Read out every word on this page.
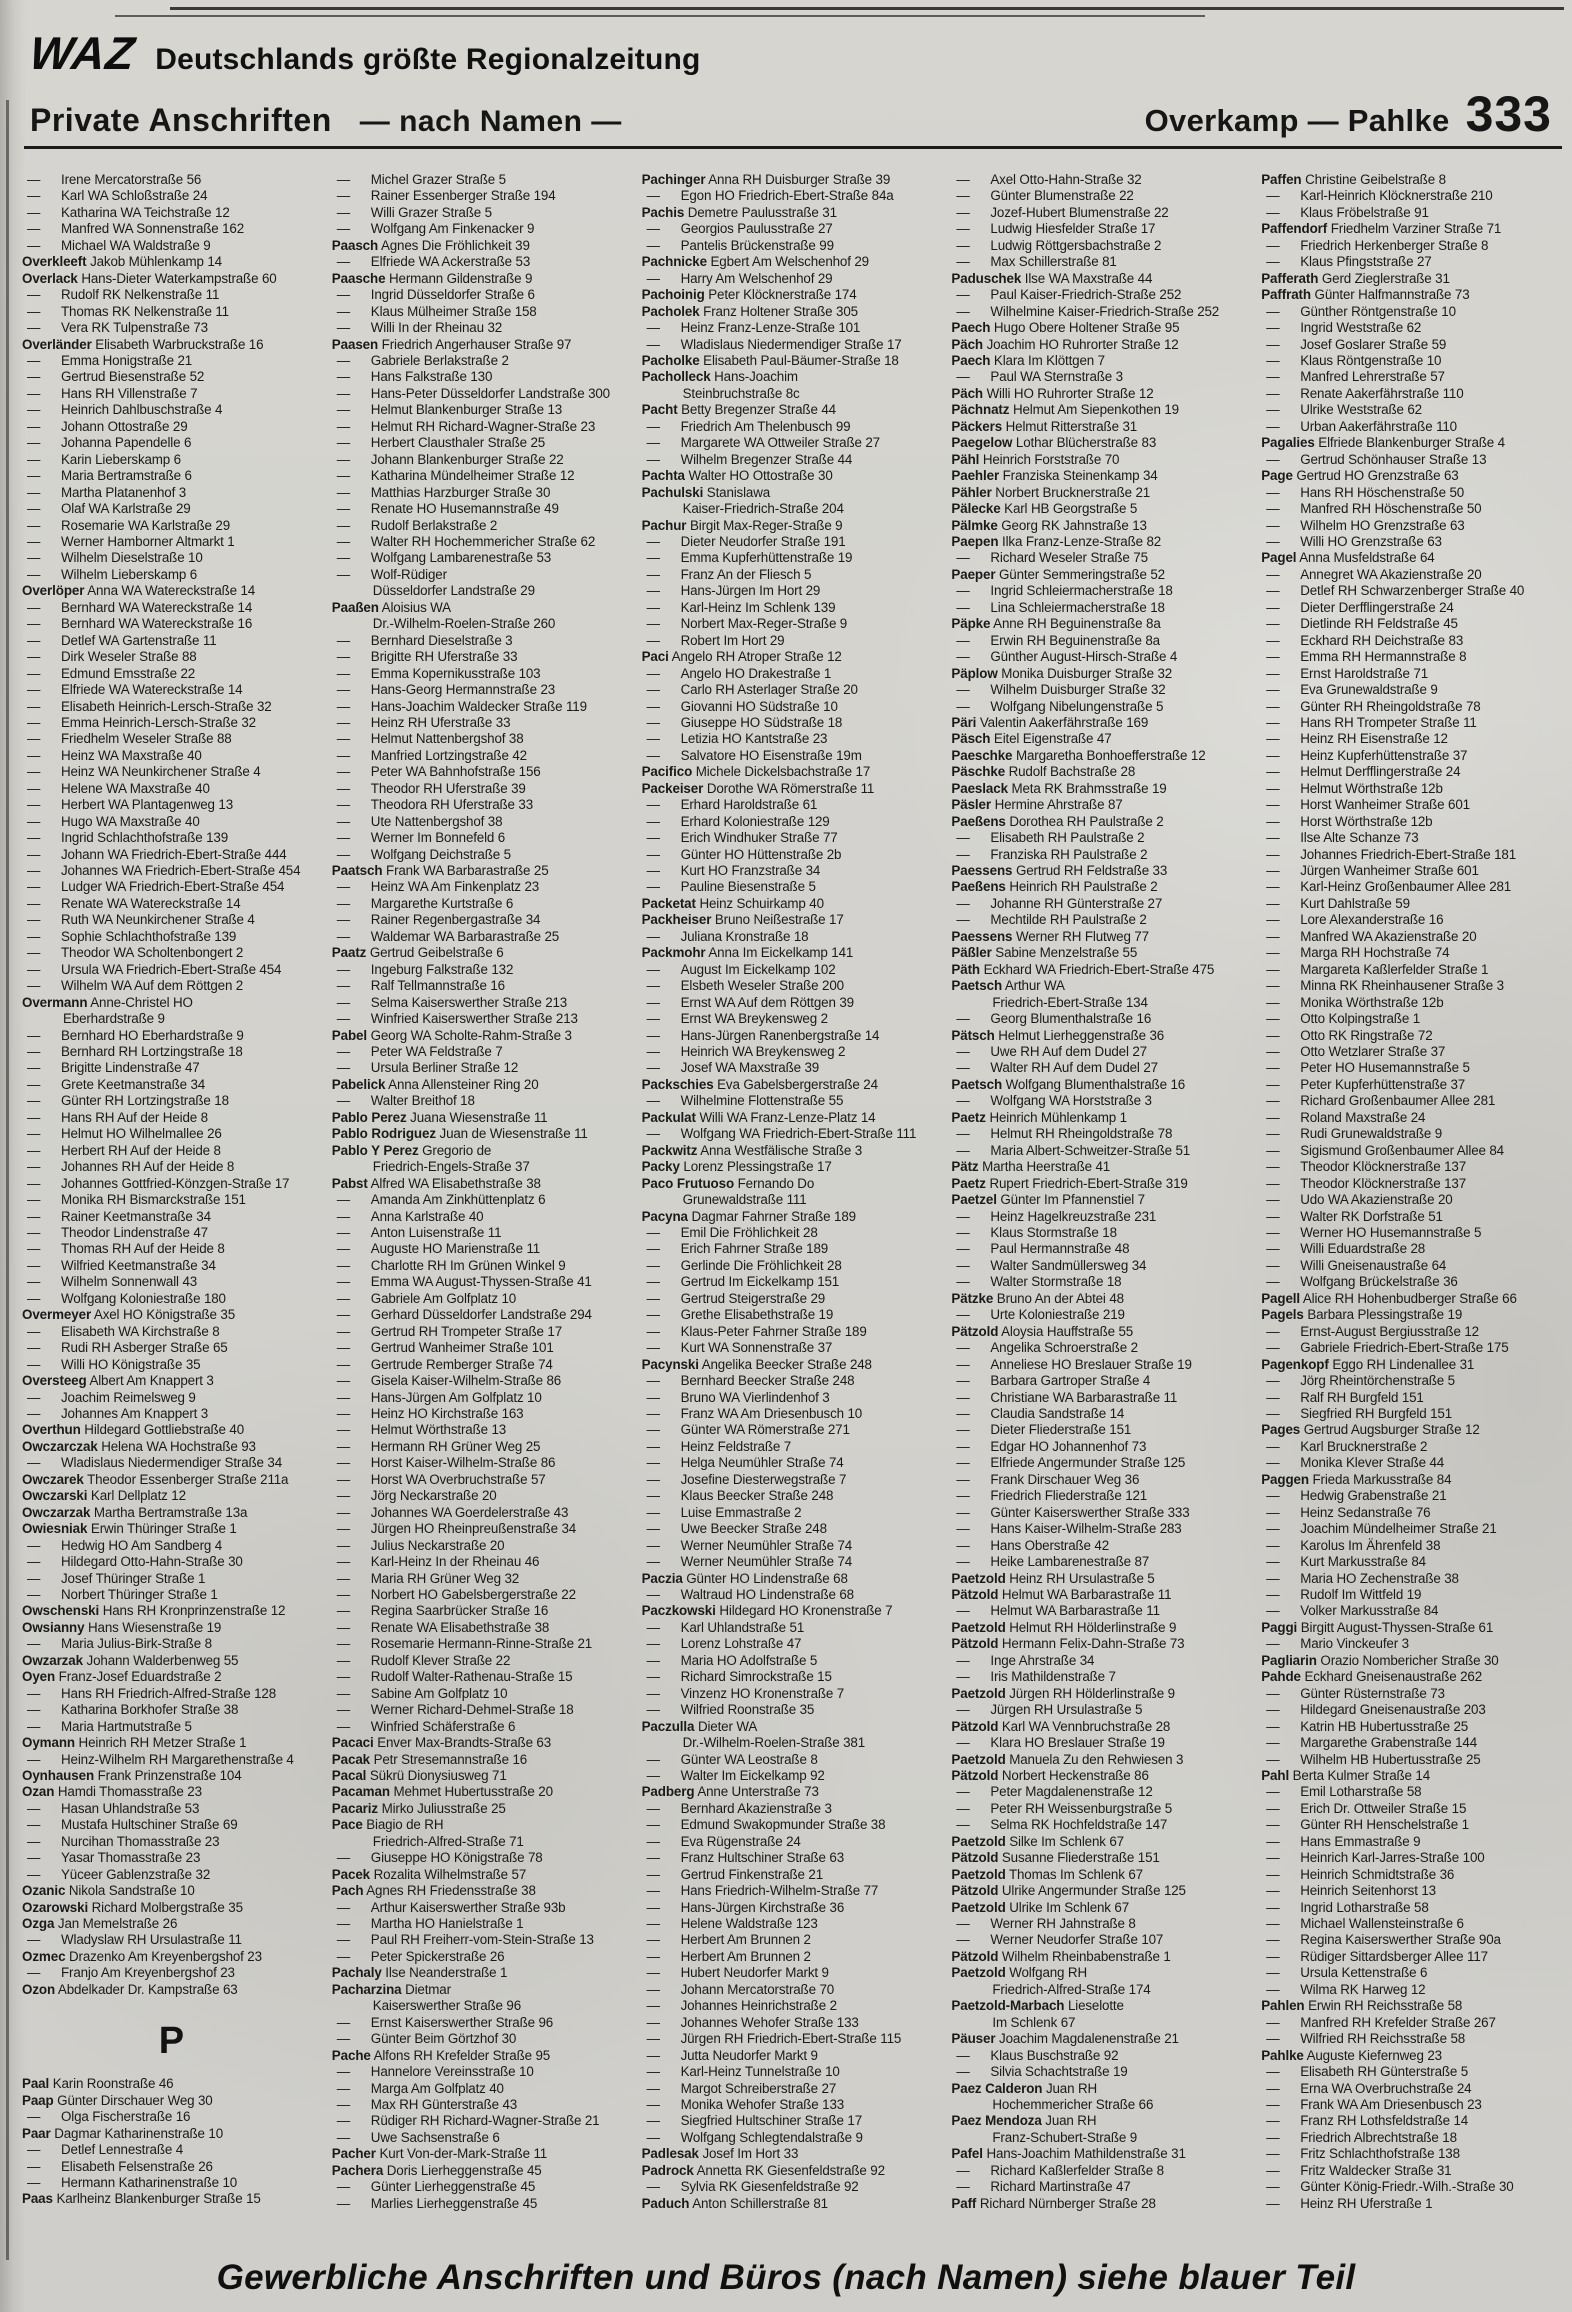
WAZ Deutschlands größte Regionalzeitung
Private Anschriften — nach Namen —	Overkamp — Pahlke 333
— Irene Mercatorstraße 56
— Karl WA Schloßstraße 24
— Katharina WA Teichstraße 12
— Manfred WA Sonnenstraße 162
— Michael WA Waldstraße 9
Overkleeft Jakob Mühlenkamp 14
Overlack Hans-Dieter Waterkampstraße 60
— Rudolf RK Nelkenstraße 11
— Thomas RK Nelkenstraße 11
— Vera RK Tulpenstraße 73
Overländer Elisabeth Warbruckstraße 16
— Emma Honigstraße 21
— Gertrud Biesenstraße 52
— Hans RH Villenstraße 7
— Heinrich Dahlbuschstraße 4
— Johann Ottostraße 29
— Johanna Papendelle 6
— Karin Lieberskamp 6
— Maria Bertramstraße 6
— Martha Platanenhof 3
— Olaf WA Karlstraße 29
— Rosemarie WA Karlstraße 29
— Werner Hamborner Altmarkt 1
— Wilhelm Dieselstraße 10
— Wilhelm Lieberskamp 6
Overlöper Anna WA Watereckstraße 14
— Bernhard WA Watereckstraße 14
— Bernhard WA Watereckstraße 16
— Detlef WA Gartenstraße 11
— Dirk Weseler Straße 88
— Edmund Emsstraße 22
— Elfriede WA Watereckstraße 14
— Elisabeth Heinrich-Lersch-Straße 32
— Emma Heinrich-Lersch-Straße 32
— Friedhelm Weseler Straße 88
— Heinz WA Maxstraße 40
— Heinz WA Neunkirchener Straße 4
— Helene WA Maxstraße 40
— Herbert WA Plantagenweg 13
— Hugo WA Maxstraße 40
— Ingrid Schlachthofstraße 139
— Johann WA Friedrich-Ebert-Straße 444
— Johannes WA Friedrich-Ebert-Straße 454
— Ludger WA Friedrich-Ebert-Straße 454
— Renate WA Watereckstraße 14
— Ruth WA Neunkirchener Straße 4
— Sophie Schlachthofstraße 139
— Theodor WA Scholtenbongert 2
— Ursula WA Friedrich-Ebert-Straße 454
— Wilhelm WA Auf dem Röttgen 2
Overmann Anne-Christel HO
Eberhardstraße 9
— Bernhard HO Eberhardstraße 9
— Bernhard RH Lortzingstraße 18
— Brigitte Lindenstraße 47
— Grete Keetmanstraße 34
— Günter RH Lortzingstraße 18
— Hans RH Auf der Heide 8
— Helmut HO Wilhelmallee 26
— Herbert RH Auf der Heide 8
— Johannes RH Auf der Heide 8
— Johannes Gottfried-Könzgen-Straße 17
— Monika RH Bismarckstraße 151
— Rainer Keetmanstraße 34
— Theodor Lindenstraße 47
— Thomas RH Auf der Heide 8
— Wilfried Keetmanstraße 34
— Wilhelm Sonnenwall 43
— Wolfgang Koloniestraße 180
Overmeyer Axel HO Königstraße 35
— Elisabeth WA Kirchstraße 8
— Rudi RH Asberger Straße 65
— Willi HO Königstraße 35
Oversteeg Albert Am Knappert 3
— Joachim Reimelsweg 9
— Johannes Am Knappert 3
Overthun Hildegard Gottliebstraße 40
Owczarczak Helena WA Hochstraße 93
— Wladislaus Niedermendiger Straße 34
Owczarek Theodor Essenberger Straße 211a
Owczarski Karl Dellplatz 12
Owczarzak Martha Bertramstraße 13a
Owiesniak Erwin Thüringer Straße 1
— Hedwig HO Am Sandberg 4
— Hildegard Otto-Hahn-Straße 30
— Josef Thüringer Straße 1
— Norbert Thüringer Straße 1
Owschenski Hans RH Kronprinzenstraße 12
Owsianny Hans Wiesenstraße 19
— Maria Julius-Birk-Straße 8
Owzarzak Johann Walderbenweg 55
Oyen Franz-Josef Eduardstraße 2
— Hans RH Friedrich-Alfred-Straße 128
— Katharina Borkhofer Straße 38
— Maria Hartmutstraße 5
Oymann Heinrich RH Metzer Straße 1
— Heinz-Wilhelm RH Margarethenstraße 4
Oynhausen Frank Prinzenstraße 104
Ozan Hamdi Thomasstraße 23
— Hasan Uhlandstraße 53
— Mustafa Hultschiner Straße 69
— Nurcihan Thomasstraße 23
— Yasar Thomasstraße 23
— Yüceer Gablenzstraße 32
Ozanic Nikola Sandstraße 10
Ozarowski Richard Molbergstraße 35
Ozga Jan Memelstraße 26
— Wladyslaw RH Ursulastraße 11
Ozmec Drazenko Am Kreyenbergshof 23
— Franjo Am Kreyenbergshof 23
Ozon Abdelkader Dr. Kampstraße 63
P
Paal Karin Roonstraße 46
Paap Günter Dirschauer Weg 30
— Olga Fischerstraße 16
Paar Dagmar Katharinenstraße 10
— Detlef Lennestraße 4
— Elisabeth Felsenstraße 26
— Hermann Katharinenstraße 10
Paas Karlheinz Blankenburger Straße 15
— Michel Grazer Straße 5
— Rainer Essenberger Straße 194
— Willi Grazer Straße 5
— Wolfgang Am Finkenacker 9
Paasch Agnes Die Fröhlichkeit 39
— Elfriede WA Ackerstraße 53
Paasche Hermann Gildenstraße 9
— Ingrid Düsseldorfer Straße 6
— Klaus Mülheimer Straße 158
— Willi In der Rheinau 32
Paasen Friedrich Angerhauser Straße 97
— Gabriele Berlakstraße 2
— Hans Falkstraße 130
— Hans-Peter Düsseldorfer Landstraße 300
— Helmut Blankenburger Straße 13
— Helmut RH Richard-Wagner-Straße 23
— Herbert Clausthaler Straße 25
— Johann Blankenburger Straße 22
— Katharina Mündelheimer Straße 12
— Matthias Harzburger Straße 30
— Renate HO Husemannstraße 49
— Rudolf Berlakstraße 2
— Walter RH Hochemmericher Straße 62
— Wolfgang Lambarenestraße 53
— Wolf-Rüdiger
Düsseldorfer Landstraße 29
Paaßen Aloisius WA
Dr.-Wilhelm-Roelen-Straße 260
— Bernhard Dieselstraße 3
— Brigitte RH Uferstraße 33
— Emma Kopernikusstraße 103
— Hans-Georg Hermannstraße 23
— Hans-Joachim Waldecker Straße 119
— Heinz RH Uferstraße 33
— Helmut Nattenbergshof 38
— Manfried Lortzingstraße 42
— Peter WA Bahnhofstraße 156
— Theodor RH Uferstraße 39
— Theodora RH Uferstraße 33
— Ute Nattenbergshof 38
— Werner Im Bonnefeld 6
— Wolfgang Deichstraße 5
Paatsch Frank WA Barbarastraße 25
— Heinz WA Am Finkenplatz 23
— Margarethe Kurtstraße 6
— Rainer Regenbergastraße 34
— Waldemar WA Barbarastraße 25
Paatz Gertrud Geibelstraße 6
— Ingeburg Falkstraße 132
— Ralf Tellmannstraße 16
— Selma Kaiserswerther Straße 213
— Winfried Kaiserswerther Straße 213
Pabel Georg WA Scholte-Rahm-Straße 3
— Peter WA Feldstraße 7
— Ursula Berliner Straße 12
Pabelick Anna Allensteiner Ring 20
— Walter Breithof 18
Pablo Perez Juana Wiesenstraße 11
Pablo Rodriguez Juan de Wiesenstraße 11
Pablo Y Perez Gregorio de
Friedrich-Engels-Straße 37
Pabst Alfred WA Elisabethstraße 38
— Amanda Am Zinkhüttenplatz 6
— Anna Karlstraße 40
— Anton Luisenstraße 11
— Auguste HO Marienstraße 11
— Charlotte RH Im Grünen Winkel 9
— Emma WA August-Thyssen-Straße 41
— Gabriele Am Golfplatz 10
— Gerhard Düsseldorfer Landstraße 294
— Gertrud RH Trompeter Straße 17
— Gertrud Wanheimer Straße 101
— Gertrude Remberger Straße 74
— Gisela Kaiser-Wilhelm-Straße 86
— Hans-Jürgen Am Golfplatz 10
— Heinz HO Kirchstraße 163
— Helmut Wörthstraße 13
— Hermann RH Grüner Weg 25
— Horst Kaiser-Wilhelm-Straße 86
— Horst WA Overbruchstraße 57
— Jörg Neckarstraße 20
— Johannes WA Goerdelerstraße 43
— Jürgen HO Rheinpreußenstraße 34
— Julius Neckarstraße 20
— Karl-Heinz In der Rheinau 46
— Maria RH Grüner Weg 32
— Norbert HO Gabelsbergerstraße 22
— Regina Saarbrücker Straße 16
— Renate WA Elisabethstraße 38
— Rosemarie Hermann-Rinne-Straße 21
— Rudolf Klever Straße 22
— Rudolf Walter-Rathenau-Straße 15
— Sabine Am Golfplatz 10
— Werner Richard-Dehmel-Straße 18
— Winfried Schäferstraße 6
Pacaci Enver Max-Brandts-Straße 63
Pacak Petr Stresemannstraße 16
Pacal Sükrü Dionysiusweg 71
Pacaman Mehmet Hubertusstraße 20
Pacariz Mirko Juliusstraße 25
Pace Biagio de RH
Friedrich-Alfred-Straße 71
— Giuseppe HO Königstraße 78
Pacek Rozalita Wilhelmstraße 57
Pach Agnes RH Friedensstraße 38
— Arthur Kaiserswerther Straße 93b
— Martha HO Hanielstraße 1
— Paul RH Freiherr-vom-Stein-Straße 13
— Peter Spickerstraße 26
Pachaly Ilse Neanderstraße 1
Pacharzina Dietmar
Kaiserswerther Straße 96
— Ernst Kaiserswerther Straße 96
— Günter Beim Görtzhof 30
Pache Alfons RH Krefelder Straße 95
— Hannelore Vereinsstraße 10
— Marga Am Golfplatz 40
— Max RH Günterstraße 43
— Rüdiger RH Richard-Wagner-Straße 21
— Uwe Sachsenstraße 6
Pacher Kurt Von-der-Mark-Straße 11
Pachera Doris Lierheggenstraße 45
— Günter Lierheggenstraße 45
— Marlies Lierheggenstraße 45
Pachinger Anna RH Duisburger Straße 39
— Egon HO Friedrich-Ebert-Straße 84a
Pachis Demetre Paulusstraße 31
— Georgios Paulusstraße 27
— Pantelis Brückenstraße 99
Pachnicke Egbert Am Welschenhof 29
— Harry Am Welschenhof 29
Pachoinig Peter Klöcknerstraße 174
Pacholek Franz Holtener Straße 305
— Heinz Franz-Lenze-Straße 101
— Wladislaus Niedermendiger Straße 17
Pacholke Elisabeth Paul-Bäumer-Straße 18
Pacholleck Hans-Joachim
Steinbruchstraße 8c
Pacht Betty Bregenzer Straße 44
— Friedrich Am Thelenbusch 99
— Margarete WA Ottweiler Straße 27
— Wilhelm Bregenzer Straße 44
Pachta Walter HO Ottostraße 30
Pachulski Stanislawa
Kaiser-Friedrich-Straße 204
Pachur Birgit Max-Reger-Straße 9
— Dieter Neudorfer Straße 191
— Emma Kupferhüttenstraße 19
— Franz An der Fliesch 5
— Hans-Jürgen Im Hort 29
— Karl-Heinz Im Schlenk 139
— Norbert Max-Reger-Straße 9
— Robert Im Hort 29
Paci Angelo RH Atroper Straße 12
— Angelo HO Drakestraße 1
— Carlo RH Asterlager Straße 20
— Giovanni HO Südstraße 10
— Giuseppe HO Südstraße 18
— Letizia HO Kantstraße 23
— Salvatore HO Eisenstraße 19m
Pacifico Michele Dickelsbachstraße 17
Packeiser Dorothe WA Römerstraße 11
— Erhard Haroldstraße 61
— Erhard Koloniestraße 129
— Erich Windhuker Straße 77
— Günter HO Hüttenstraße 2b
— Kurt HO Franzstraße 34
— Pauline Biesenstraße 5
Packetat Heinz Schuirkamp 40
Packheiser Bruno Neißestraße 17
— Juliana Kronstraße 18
Packmohr Anna Im Eickelkamp 141
— August Im Eickelkamp 102
— Elsbeth Weseler Straße 200
— Ernst WA Auf dem Röttgen 39
— Ernst WA Breykensweg 2
— Hans-Jürgen Ranenbergstraße 14
— Heinrich WA Breykensweg 2
— Josef WA Maxstraße 39
Packschies Eva Gabelsbergerstraße 24
— Wilhelmine Flottenstraße 55
Packulat Willi WA Franz-Lenze-Platz 14
— Wolfgang WA Friedrich-Ebert-Straße 111
Packwitz Anna Westfälische Straße 3
Packy Lorenz Plessingstraße 17
Paco Frutuoso Fernando Do
Grunewaldstraße 111
Pacyna Dagmar Fahrner Straße 189
— Emil Die Fröhlichkeit 28
— Erich Fahrner Straße 189
— Gerlinde Die Fröhlichkeit 28
— Gertrud Im Eickelkamp 151
— Gertrud Steigerstraße 29
— Grethe Elisabethstraße 19
— Klaus-Peter Fahrner Straße 189
— Kurt WA Sonnenstraße 37
Pacynski Angelika Beecker Straße 248
— Bernhard Beecker Straße 248
— Bruno WA Vierlindenhof 3
— Franz WA Am Driesenbusch 10
— Günter WA Römerstraße 271
— Heinz Feldstraße 7
— Helga Neumühler Straße 74
— Josefine Diesterwegstraße 7
— Klaus Beecker Straße 248
— Luise Emmastraße 2
— Uwe Beecker Straße 248
— Werner Neumühler Straße 74
— Werner Neumühler Straße 74
Paczia Günter HO Lindenstraße 68
— Waltraud HO Lindenstraße 68
Paczkowski Hildegard HO Kronenstraße 7
— Karl Uhlandstraße 51
— Lorenz Lohstraße 47
— Maria HO Adolfstraße 5
— Richard Simrockstraße 15
— Vinzenz HO Kronenstraße 7
— Wilfried Roonstraße 35
Paczulla Dieter WA
Dr.-Wilhelm-Roelen-Straße 381
— Günter WA Leostraße 8
— Walter Im Eickelkamp 92
Padberg Anne Unterstraße 73
— Bernhard Akazienstraße 3
— Edmund Swakopmunder Straße 38
— Eva Rügenstraße 24
— Franz Hultschiner Straße 63
— Gertrud Finkenstraße 21
— Hans Friedrich-Wilhelm-Straße 77
— Hans-Jürgen Kirchstraße 36
— Helene Waldstraße 123
— Herbert Am Brunnen 2
— Herbert Am Brunnen 2
— Hubert Neudorfer Markt 9
— Johann Mercatorstraße 70
— Johannes Heinrichstraße 2
— Johannes Wehofer Straße 133
— Jürgen RH Friedrich-Ebert-Straße 115
— Jutta Neudorfer Markt 9
— Karl-Heinz Tunnelstraße 10
— Margot Schreiberstraße 27
— Monika Wehofer Straße 133
— Siegfried Hultschiner Straße 17
— Wolfgang Schlegtendalstraße 9
Padlesak Josef Im Hort 33
Padrock Annetta RK Giesenfeldstraße 92
— Sylvia RK Giesenfeldstraße 92
Paduch Anton Schillerstraße 81
— Axel Otto-Hahn-Straße 32
— Günter Blumenstraße 22
— Jozef-Hubert Blumenstraße 22
— Ludwig Hiesfelder Straße 17
— Ludwig Röttgersbachstraße 2
— Max Schillerstraße 81
Paduschek Ilse WA Maxstraße 44
— Paul Kaiser-Friedrich-Straße 252
— Wilhelmine Kaiser-Friedrich-Straße 252
Paech Hugo Obere Holtener Straße 95
Päch Joachim HO Ruhrorter Straße 12
Paech Klara Im Klöttgen 7
— Paul WA Sternstraße 3
Päch Willi HO Ruhrorter Straße 12
Pächnatz Helmut Am Siepenkothen 19
Päckers Helmut Ritterstraße 31
Paegelow Lothar Blücherstraße 83
Pähl Heinrich Forststraße 70
Paehler Franziska Steinenkamp 34
Pähler Norbert Brucknerstraße 21
Pälecke Karl HB Georgstraße 5
Pälmke Georg RK Jahnstraße 13
Paepen Ilka Franz-Lenze-Straße 82
— Richard Weseler Straße 75
Paeper Günter Semmeringstraße 52
— Ingrid Schleiermacherstraße 18
— Lina Schleiermacherstraße 18
Päpke Anne RH Beguinenstraße 8a
— Erwin RH Beguinenstraße 8a
— Günther August-Hirsch-Straße 4
Päplow Monika Duisburger Straße 32
— Wilhelm Duisburger Straße 32
— Wolfgang Nibelungenstraße 5
Päri Valentin Aakerfährstraße 169
Päsch Eitel Eigenstraße 47
Paeschke Margaretha Bonhoefferstraße 12
Päschke Rudolf Bachstraße 28
Paeslack Meta RK Brahmsstraße 19
Päsler Hermine Ahrstraße 87
Paeßens Dorothea RH Paulstraße 2
— Elisabeth RH Paulstraße 2
— Franziska RH Paulstraße 2
Paessens Gertrud RH Feldstraße 33
Paeßens Heinrich RH Paulstraße 2
— Johanne RH Günterstraße 27
— Mechtilde RH Paulstraße 2
Paessens Werner RH Flutweg 77
Päßler Sabine Menzelstraße 55
Päth Eckhard WA Friedrich-Ebert-Straße 475
Paetsch Arthur WA
Friedrich-Ebert-Straße 134
— Georg Blumenthalstraße 16
Pätsch Helmut Lierheggenstraße 36
— Uwe RH Auf dem Dudel 27
— Walter RH Auf dem Dudel 27
Paetsch Wolfgang Blumenthalstraße 16
— Wolfgang WA Horststraße 3
Paetz Heinrich Mühlenkamp 1
— Helmut RH Rheingoldstraße 78
— Maria Albert-Schweitzer-Straße 51
Pätz Martha Heerstraße 41
Paetz Rupert Friedrich-Ebert-Straße 319
Paetzel Günter Im Pfannenstiel 7
— Heinz Hagelkreuzstraße 231
— Klaus Stormstraße 18
— Paul Hermannstraße 48
— Walter Sandmüllersweg 34
— Walter Stormstraße 18
Pätzke Bruno An der Abtei 48
— Urte Koloniestraße 219
Pätzold Aloysia Hauffstraße 55
— Angelika Schroerstraße 2
— Anneliese HO Breslauer Straße 19
— Barbara Gartroper Straße 4
— Christiane WA Barbarastraße 11
— Claudia Sandstraße 14
— Dieter Fliederstraße 151
— Edgar HO Johannenhof 73
— Elfriede Angermunder Straße 125
— Frank Dirschauer Weg 36
— Friedrich Fliederstraße 121
— Günter Kaiserswerther Straße 333
— Hans Kaiser-Wilhelm-Straße 283
— Hans Oberstraße 42
— Heike Lambarenestraße 87
Paetzold Heinz RH Ursulastraße 5
Pätzold Helmut WA Barbarastraße 11
— Helmut WA Barbarastraße 11
Paetzold Helmut RH Hölderlinstraße 9
Pätzold Hermann Felix-Dahn-Straße 73
— Inge Ahrstraße 34
— Iris Mathildenstraße 7
Paetzold Jürgen RH Hölderlinstraße 9
— Jürgen RH Ursulastraße 5
Pätzold Karl WA Vennbruchstraße 28
— Klara HO Breslauer Straße 19
Paetzold Manuela Zu den Rehwiesen 3
Pätzold Norbert Heckenstraße 86
— Peter Magdalenenstraße 12
— Peter RH Weissenburgstraße 5
— Selma RK Hochfeldstraße 147
Paetzold Silke Im Schlenk 67
Pätzold Susanne Fliederstraße 151
Paetzold Thomas Im Schlenk 67
Pätzold Ulrike Angermunder Straße 125
Paetzold Ulrike Im Schlenk 67
— Werner RH Jahnstraße 8
— Werner Neudorfer Straße 107
Pätzold Wilhelm Rheinbabenstraße 1
Paetzold Wolfgang RH
Friedrich-Alfred-Straße 174
Paetzold-Marbach Lieselotte
Im Schlenk 67
Päuser Joachim Magdalenenstraße 21
— Klaus Buschstraße 92
— Silvia Schachtstraße 19
Paez Calderon Juan RH
Hochemmericher Straße 66
Paez Mendoza Juan RH
Franz-Schubert-Straße 9
Pafel Hans-Joachim Mathildenstraße 31
— Richard Kaßlerfelder Straße 8
— Richard Martinstraße 47
Paff Richard Nürnberger Straße 28
Paffen Christine Geibelstraße 8
— Karl-Heinrich Klöcknerstraße 210
— Klaus Fröbelstraße 91
Paffendorf Friedhelm Varziner Straße 71
— Friedrich Herkenberger Straße 8
— Klaus Pfingststraße 27
Pafferath Gerd Zieglerstraße 31
Paffrath Günter Halfmannstraße 73
— Günther Röntgenstraße 10
— Ingrid Weststraße 62
— Josef Goslarer Straße 59
— Klaus Röntgenstraße 10
— Manfred Lehrerstraße 57
— Renate Aakerfährstraße 110
— Ulrike Weststraße 62
— Urban Aakerfährstraße 110
Pagalies Elfriede Blankenburger Straße 4
— Gertrud Schönhauser Straße 13
Page Gertrud HO Grenzstraße 63
— Hans RH Höschenstraße 50
— Manfred RH Höschenstraße 50
— Wilhelm HO Grenzstraße 63
— Willi HO Grenzstraße 63
Pagel Anna Musfeldstraße 64
— Annegret WA Akazienstraße 20
— Detlef RH Schwarzenberger Straße 40
— Dieter Derfflingerstraße 24
— Dietlinde RH Feldstraße 45
— Eckhard RH Deichstraße 83
— Emma RH Hermannstraße 8
— Ernst Haroldstraße 71
— Eva Grunewaldstraße 9
— Günter RH Rheingoldstraße 78
— Hans RH Trompeter Straße 11
— Heinz RH Eisenstraße 12
— Heinz Kupferhüttenstraße 37
— Helmut Derfflingerstraße 24
— Helmut Wörthstraße 12b
— Horst Wanheimer Straße 601
— Horst Wörthstraße 12b
— Ilse Alte Schanze 73
— Johannes Friedrich-Ebert-Straße 181
— Jürgen Wanheimer Straße 601
— Karl-Heinz Großenbaumer Allee 281
— Kurt Dahlstraße 59
— Lore Alexanderstraße 16
— Manfred WA Akazienstraße 20
— Marga RH Hochstraße 74
— Margareta Kaßlerfelder Straße 1
— Minna RK Rheinhausener Straße 3
— Monika Wörthstraße 12b
— Otto Kolpingstraße 1
— Otto RK Ringstraße 72
— Otto Wetzlarer Straße 37
— Peter HO Husemannstraße 5
— Peter Kupferhüttenstraße 37
— Richard Großenbaumer Allee 281
— Roland Maxstraße 24
— Rudi Grunewaldstraße 9
— Sigismund Großenbaumer Allee 84
— Theodor Klöcknerstraße 137
— Theodor Klöcknerstraße 137
— Udo WA Akazienstraße 20
— Walter RK Dorfstraße 51
— Werner HO Husemannstraße 5
— Willi Eduardstraße 28
— Willi Gneisenaustraße 64
— Wolfgang Brückelstraße 36
Pagell Alice RH Hohenbudberger Straße 66
Pagels Barbara Plessingstraße 19
— Ernst-August Bergiusstraße 12
— Gabriele Friedrich-Ebert-Straße 175
Pagenkopf Eggo RH Lindenallee 31
— Jörg Rheintörchenstraße 5
— Ralf RH Burgfeld 151
— Siegfried RH Burgfeld 151
Pages Gertrud Augsburger Straße 12
— Karl Brucknerstraße 2
— Monika Klever Straße 44
Paggen Frieda Markusstraße 84
— Hedwig Grabenstraße 21
— Heinz Sedanstraße 76
— Joachim Mündelheimer Straße 21
— Karolus Im Ährenfeld 38
— Kurt Markusstraße 84
— Maria HO Zechenstraße 38
— Rudolf Im Wittfeld 19
— Volker Markusstraße 84
Paggi Birgitt August-Thyssen-Straße 61
— Mario Vinckeufer 3
Pagliarin Orazio Nombericher Straße 30
Pahde Eckhard Gneisenaustraße 262
— Günter Rüsternstraße 73
— Hildegard Gneisenaustraße 203
— Katrin HB Hubertusstraße 25
— Margarethe Grabenstraße 144
— Wilhelm HB Hubertusstraße 25
Pahl Berta Kulmer Straße 14
— Emil Lotharstraße 58
— Erich Dr. Ottweiler Straße 15
— Günter RH Henschelstraße 1
— Hans Emmastraße 9
— Heinrich Karl-Jarres-Straße 100
— Heinrich Schmidtstraße 36
— Heinrich Seitenhorst 13
— Ingrid Lotharstraße 58
— Michael Wallensteinstraße 6
— Regina Kaiserswerther Straße 90a
— Rüdiger Sittardsberger Allee 117
— Ursula Kettenstraße 6
— Wilma RK Harweg 12
Pahlen Erwin RH Reichsstraße 58
— Manfred RH Krefelder Straße 267
— Wilfried RH Reichsstraße 58
Pahlke Auguste Kiefernweg 23
— Elisabeth RH Günterstraße 5
— Erna WA Overbruchstraße 24
— Frank WA Am Driesenbusch 23
— Franz RH Lothsfeldstraße 14
— Friedrich Albrechtstraße 18
— Fritz Schlachthofstraße 138
— Fritz Waldecker Straße 31
— Günter König-Friedr.-Wilh.-Straße 30
— Heinz RH Uferstraße 1
Gewerbliche Anschriften und Büros (nach Namen) siehe blauer Teil
